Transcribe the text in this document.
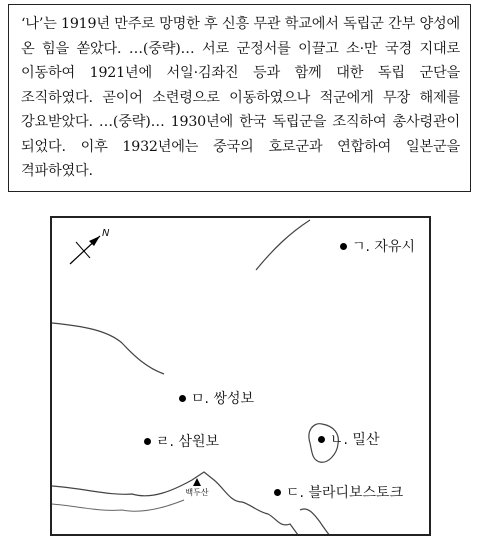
‘나’는 1919년 만주로 망명한 후 신흥 무관 학교에서 독립군 간부 양성에 온 힘을 쏟았다. …(중략)… 서로 군정서를 이끌고 소·만 국경 지대로 이동하여 1921년에 서일·김좌진 등과 함께 대한 독립 군단을 조직하였다. 곧이어 소련령으로 이동하였으나 적군에게 무장 해제를 강요받았다. …(중략)… 1930년에 한국 독립군을 조직하여 총사령관이 되었다. 이후 1932년에는 중국의 호로군과 연합하여 일본군을 격파하였다.

N
ㄱ. 자유시
ㅁ. 쌍성보
ㄹ. 삼원보	ㄴ. 밀산
ㄷ. 블라디보스토크
백두산
